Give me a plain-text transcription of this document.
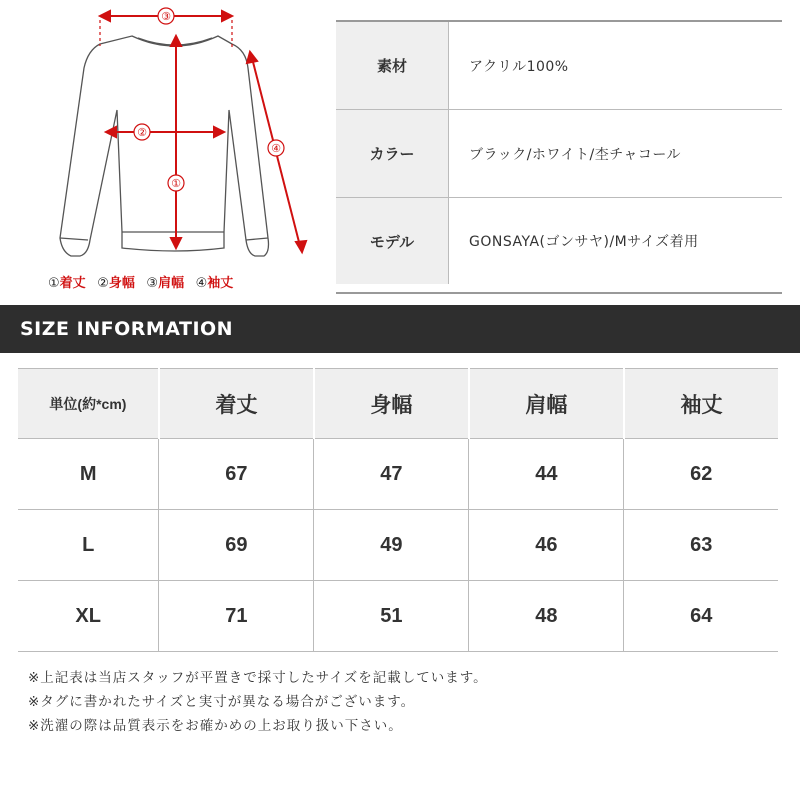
③
①
②
④
①着丈 ②身幅 ③肩幅 ④袖丈
素材	アクリル100%
カラー	ブラック/ホワイト/杢チャコール
モデル	GONSAYA(ゴンサヤ)/Mサイズ着用
SIZE INFORMATION
単位(約*cm)	着丈	身幅	肩幅	袖丈
M	67	47	44	62
L	69	49	46	63
XL	71	51	48	64
※上記表は当店スタッフが平置きで採寸したサイズを記載しています。
※タグに書かれたサイズと実寸が異なる場合がございます。
※洗濯の際は品質表示をお確かめの上お取り扱い下さい。
